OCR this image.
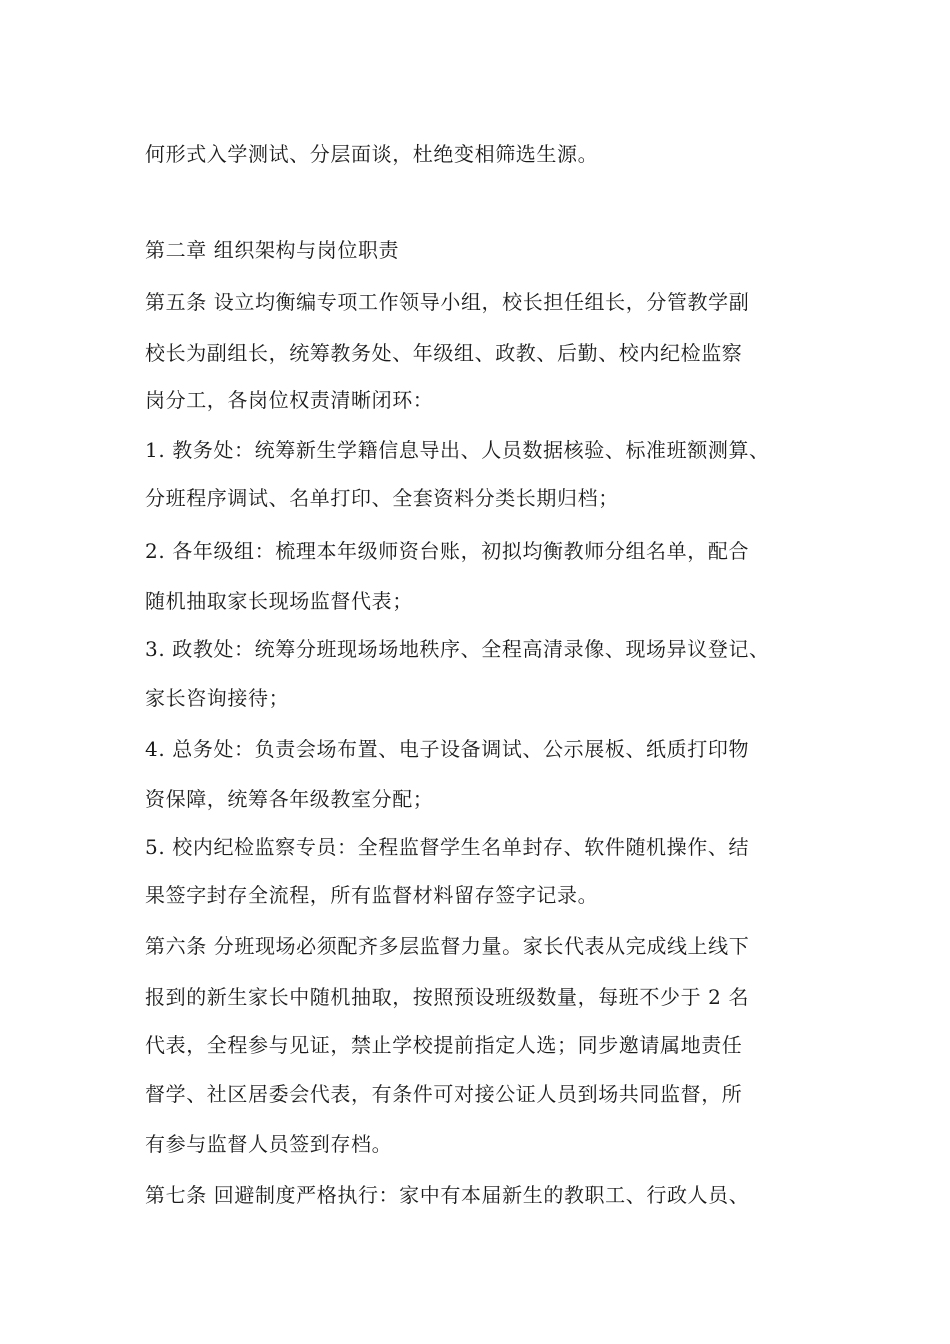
何形式入学测试、分层面谈，杜绝变相筛选生源。
第二章 组织架构与岗位职责
第五条 设立均衡编专项工作领导小组，校长担任组长，分管教学副
校长为副组长，统筹教务处、年级组、政教、后勤、校内纪检监察
岗分工，各岗位权责清晰闭环：
1. 教务处：统筹新生学籍信息导出、人员数据核验、标准班额测算、
分班程序调试、名单打印、全套资料分类长期归档；
2. 各年级组：梳理本年级师资台账，初拟均衡教师分组名单，配合
随机抽取家长现场监督代表；
3. 政教处：统筹分班现场场地秩序、全程高清录像、现场异议登记、
家长咨询接待；
4. 总务处：负责会场布置、电子设备调试、公示展板、纸质打印物
资保障，统筹各年级教室分配；
5. 校内纪检监察专员：全程监督学生名单封存、软件随机操作、结
果签字封存全流程，所有监督材料留存签字记录。
第六条 分班现场必须配齐多层监督力量。家长代表从完成线上线下
报到的新生家长中随机抽取，按照预设班级数量，每班不少于 2 名
代表，全程参与见证，禁止学校提前指定人选；同步邀请属地责任
督学、社区居委会代表，有条件可对接公证人员到场共同监督，所
有参与监督人员签到存档。
第七条 回避制度严格执行：家中有本届新生的教职工、行政人员、
